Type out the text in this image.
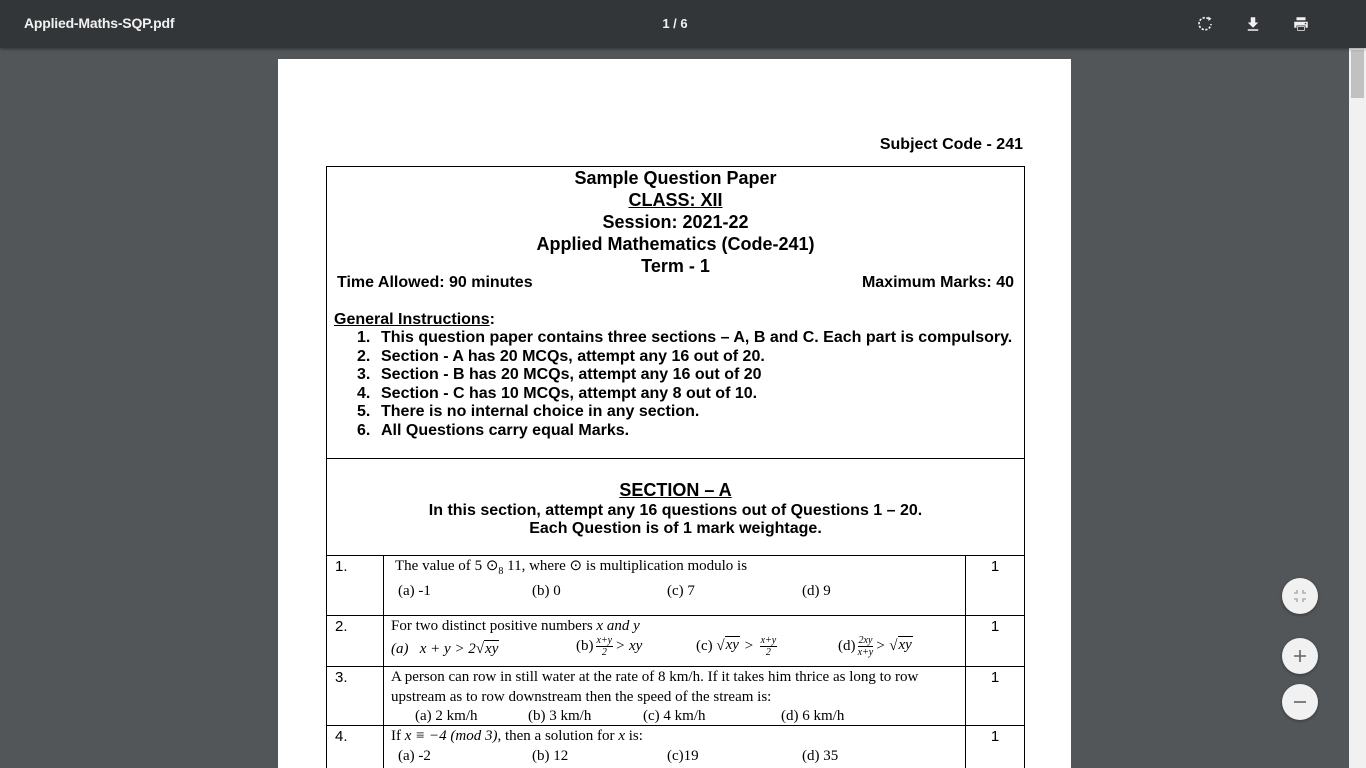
Applied-Maths-SQP.pdf	1 / 6
Subject Code - 241
Sample Question Paper
CLASS: XII
Session: 2021-22
Applied Mathematics (Code-241)
Term - 1
Time Allowed: 90 minutes	Maximum Marks: 40
General Instructions:
1. This question paper contains three sections – A, B and C. Each part is compulsory.
2. Section - A has 20 MCQs, attempt any 16 out of 20.
3. Section - B has 20 MCQs, attempt any 16 out of 20
4. Section - C has 10 MCQs, attempt any 8 out of 10.
5. There is no internal choice in any section.
6. All Questions carry equal Marks.
SECTION – A
In this section, attempt any 16 questions out of Questions 1 – 20.
Each Question is of 1 mark weightage.
1.	The value of 5 $⊙_8$ 11, where ⊙ is multiplication modulo is
(a) -1	(b) 0	(c) 7	(d) 9
1
2.	For two distinct positive numbers x and y
(a) x + y > 2√xy	$(b) \frac{x+y}{2}$ > xy	(c) $√xy > \frac{x+y}{2}$	$(d) \frac{2xy}{x+y} > √xy$
1
3.	A person can row in still water at the rate of 8 km/h. If it takes him thrice as long to row
upstream as to row downstream then the speed of the stream is:
(a) 2 km/h	(b) 3 km/h	(c) 4 km/h	(d) 6 km/h
1
4.	If x ≡ −4 (mod 3), then a solution for x is:
(a) -2	(b) 12	(c)19	(d) 35
1
